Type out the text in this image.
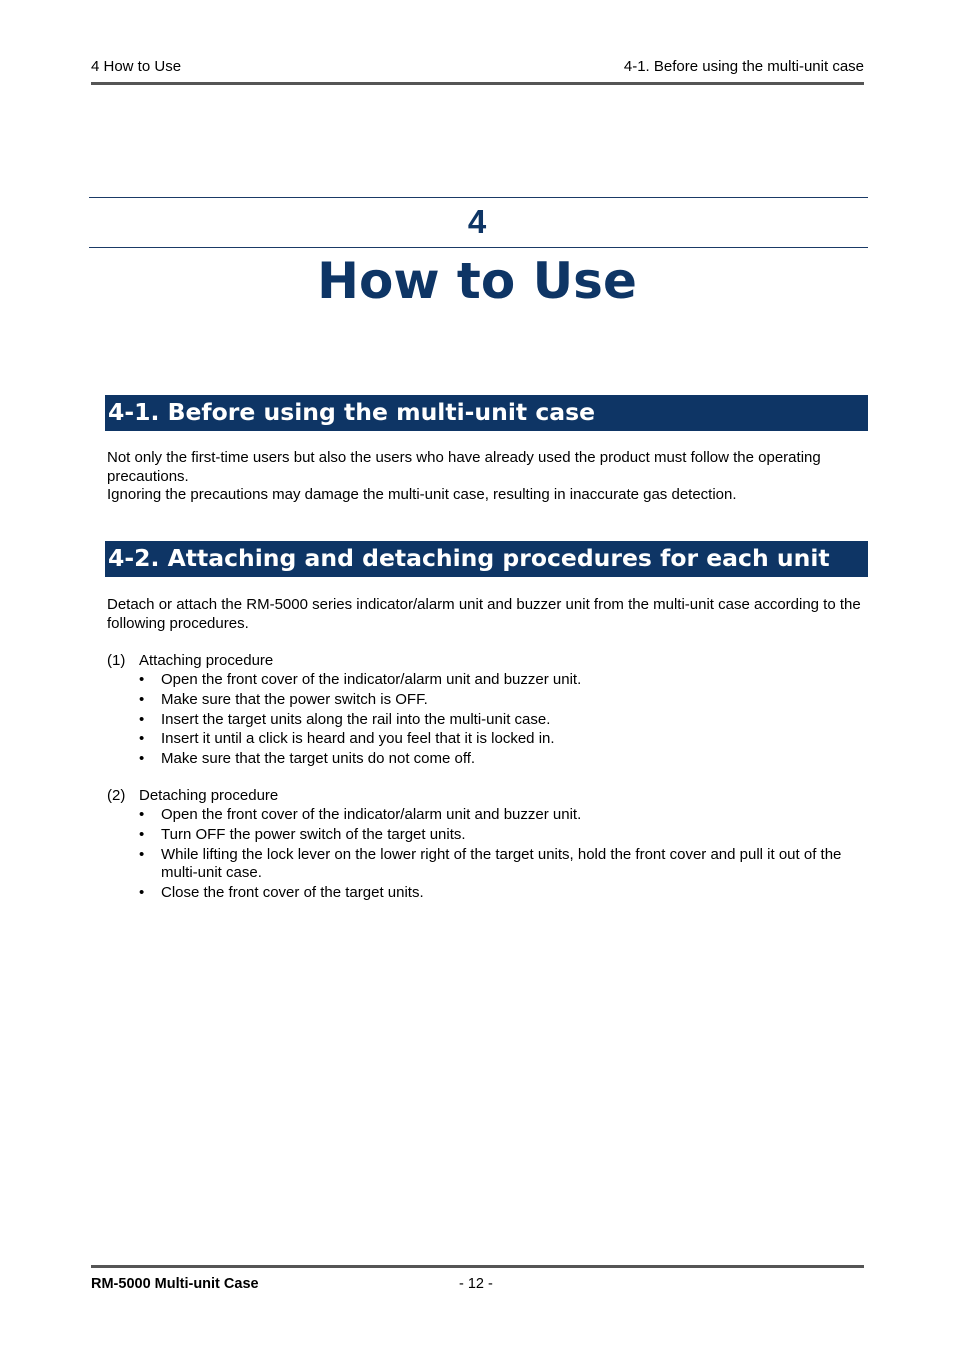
4 How to Use	4-1. Before using the multi-unit case
4
How to Use
4-1. Before using the multi-unit case
Not only the first-time users but also the users who have already used the product must follow the operating precautions.
Ignoring the precautions may damage the multi-unit case, resulting in inaccurate gas detection.
4-2. Attaching and detaching procedures for each unit
Detach or attach the RM-5000 series indicator/alarm unit and buzzer unit from the multi-unit case according to the following procedures.
(1) Attaching procedure
• Open the front cover of the indicator/alarm unit and buzzer unit.
• Make sure that the power switch is OFF.
• Insert the target units along the rail into the multi-unit case.
• Insert it until a click is heard and you feel that it is locked in.
• Make sure that the target units do not come off.
(2) Detaching procedure
• Open the front cover of the indicator/alarm unit and buzzer unit.
• Turn OFF the power switch of the target units.
• While lifting the lock lever on the lower right of the target units, hold the front cover and pull it out of the multi-unit case.
• Close the front cover of the target units.
RM-5000 Multi-unit Case	- 12 -
